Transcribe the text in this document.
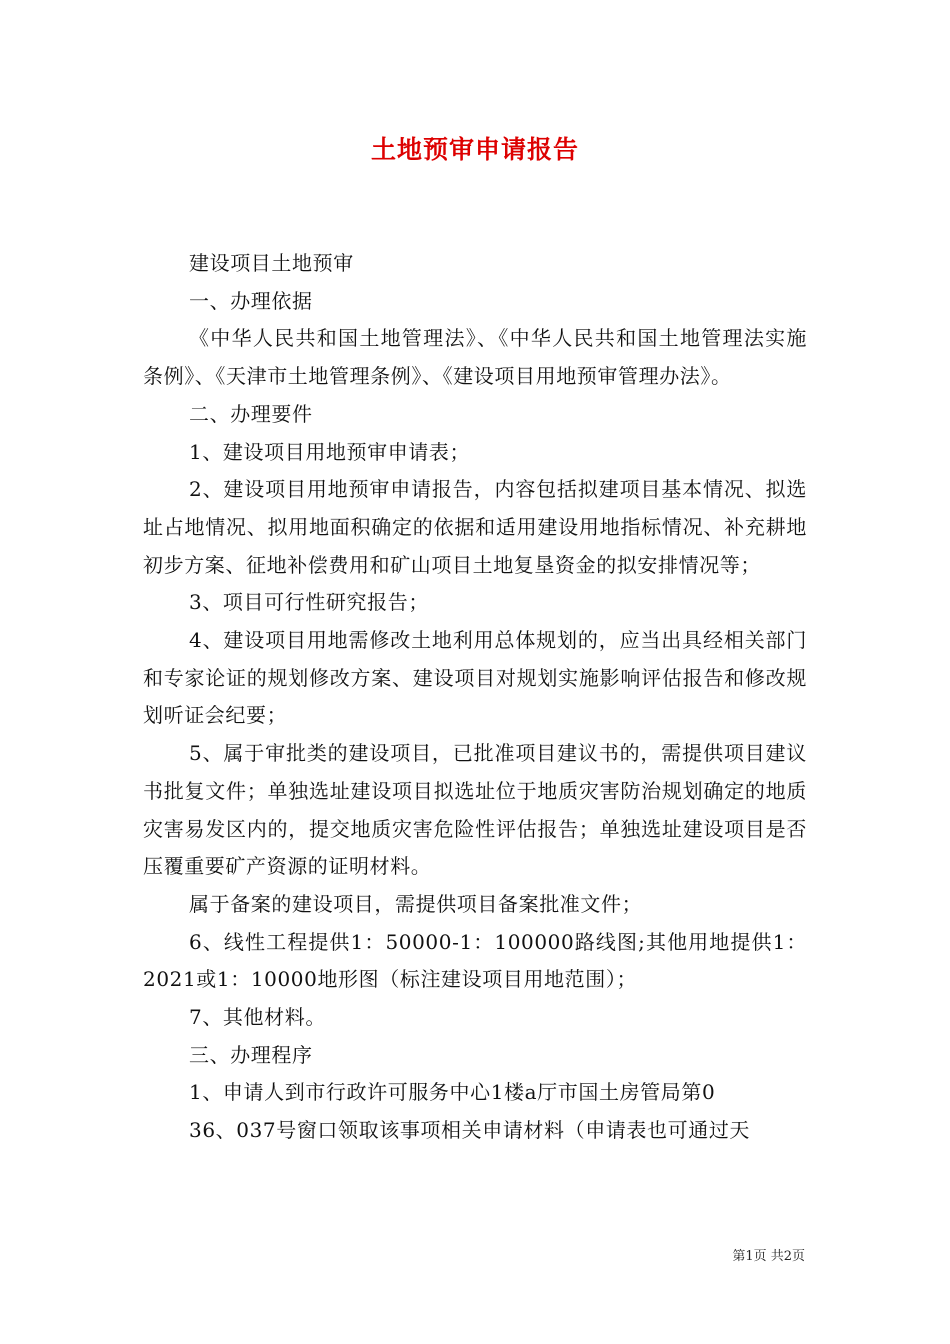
土地预审申请报告

建设项目土地预审

一、办理依据

《中华人民共和国土地管理法》、《中华人民共和国土地管理法实施条例》、《天津市土地管理条例》、《建设项目用地预审管理办法》。

二、办理要件

1、建设项目用地预审申请表；

2、建设项目用地预审申请报告，内容包括拟建项目基本情况、拟选址占地情况、拟用地面积确定的依据和适用建设用地指标情况、补充耕地初步方案、征地补偿费用和矿山项目土地复垦资金的拟安排情况等；

3、项目可行性研究报告；

4、建设项目用地需修改土地利用总体规划的，应当出具经相关部门和专家论证的规划修改方案、建设项目对规划实施影响评估报告和修改规划听证会纪要；

5、属于审批类的建设项目，已批准项目建议书的，需提供项目建议书批复文件；单独选址建设项目拟选址位于地质灾害防治规划确定的地质灾害易发区内的，提交地质灾害危险性评估报告；单独选址建设项目是否压覆重要矿产资源的证明材料。

属于备案的建设项目，需提供项目备案批准文件；

6、线性工程提供1：50000-1：100000路线图;其他用地提供1：2021或1：10000地形图（标注建设项目用地范围）；

7、其他材料。

三、办理程序

1、申请人到市行政许可服务中心1楼a厅市国土房管局第0

36、037号窗口领取该事项相关申请材料（申请表也可通过天

第1页 共2页
